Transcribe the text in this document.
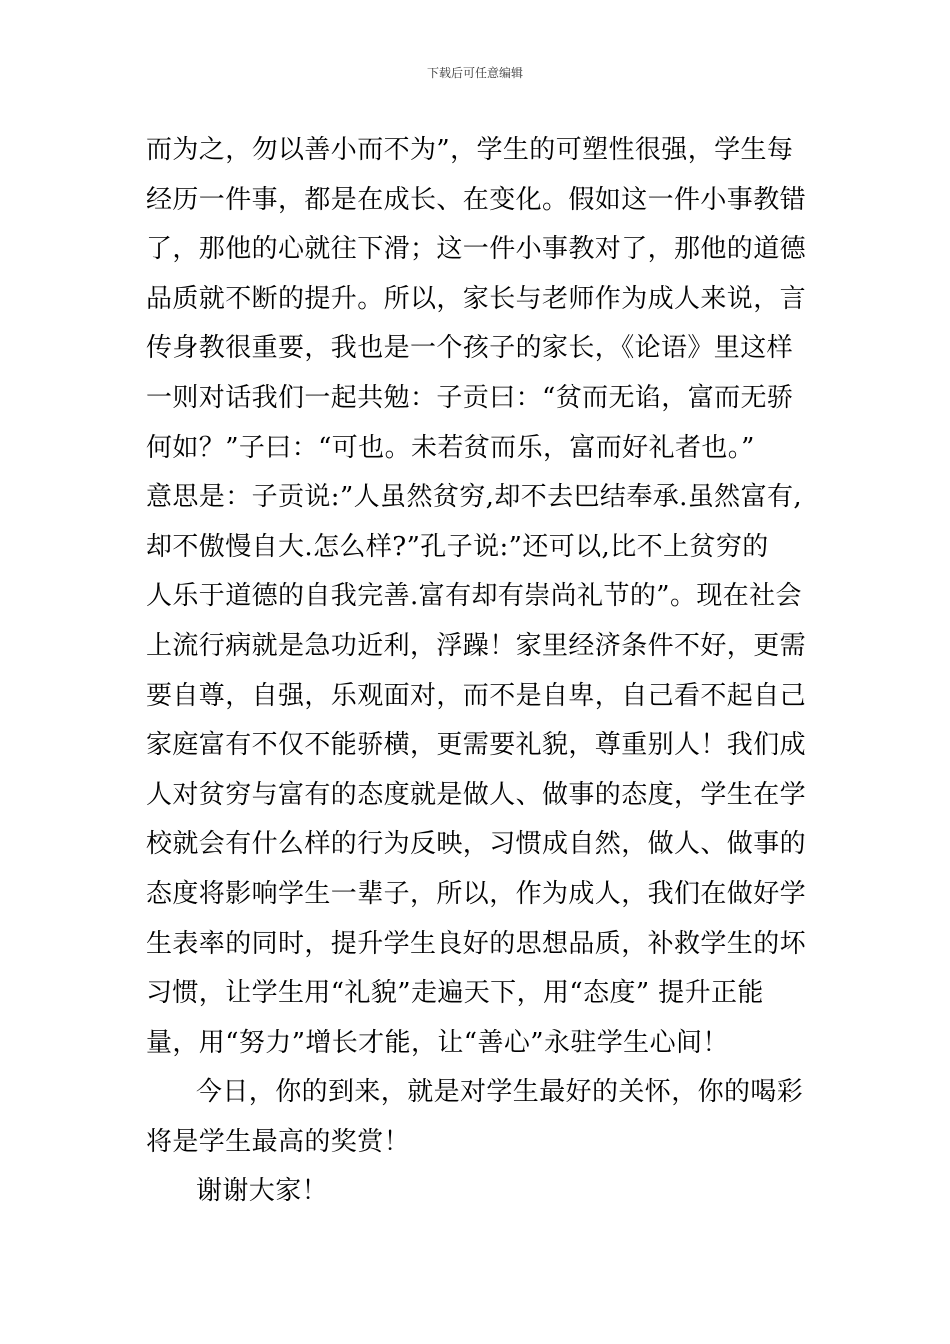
下载后可任意编辑
而为之，勿以善小而不为”，学生的可塑性很强，学生每
经历一件事，都是在成长、在变化。假如这一件小事教错
了，那他的心就往下滑；这一件小事教对了，那他的道德
品质就不断的提升。所以，家长与老师作为成人来说，言
传身教很重要，我也是一个孩子的家长，《论语》里这样
一则对话我们一起共勉：子贡曰：“贫而无谄，富而无骄
何如？”子曰：“可也。未若贫而乐，富而好礼者也。”
意思是：子贡说:”人虽然贫穷,却不去巴结奉承.虽然富有,
却不傲慢自大.怎么样?”孔子说:”还可以,比不上贫穷的
人乐于道德的自我完善.富有却有崇尚礼节的”。现在社会
上流行病就是急功近利，浮躁！家里经济条件不好，更需
要自尊，自强，乐观面对，而不是自卑，自己看不起自己
家庭富有不仅不能骄横，更需要礼貌，尊重别人！我们成
人对贫穷与富有的态度就是做人、做事的态度，学生在学
校就会有什么样的行为反映，习惯成自然，做人、做事的
态度将影响学生一辈子，所以，作为成人，我们在做好学
生表率的同时，提升学生良好的思想品质，补救学生的坏
习惯，让学生用“礼貌”走遍天下，用“态度” 提升正能
量，用“努力”增长才能，让“善心”永驻学生心间！
今日，你的到来，就是对学生最好的关怀，你的喝彩
将是学生最高的奖赏！
谢谢大家！
